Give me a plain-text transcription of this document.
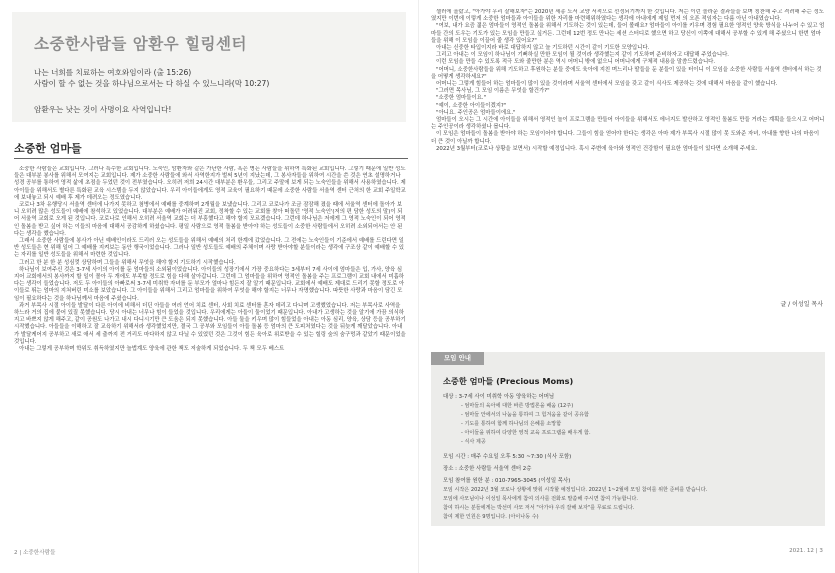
소중한사람들 암환우 힐링센터
나는 너희를 치료하는 여호와임이라 (출 15:26)
사람이 할 수 없는 것을 하나님으로서는 다 하실 수 있느니라(막 10:27)
암환우는 낫는 것이 사명이요 사역입니다!
소중한 엄마들

소중한 사람들은 교회입니다. 그러나 특수한 교회입니다. 노숙인, 암환자와 같은 가난한 사람, 혹은 병든 사람들을 위하여 특화된 교회입니다. 그렇기 때문에 일반 성도들은 대부분 봉사를 위해서 모여지는 교회입니다. 제가 소중한 사람들에 와서 사역한지가 벌써 5년이 지났는데, 그 봉사자들을 위하여 시간을 쓴 것은 연초 설명하거나 성경 공부를 통하여 영적 삶에 초점을 두었던 것이 전부였습니다. 오히려 저희 24시간 대부분은 환우들, 그리고 주말에 보게 되는 노숙인들을 위해서 사용하였습니다. 제 아이들을 위해서도 별다른 특화된 교육 시스템을 두지 않았습니다. 우리 아이들에게도 영적 교육이 필요하기 때문에 소중한 사람들 서울역 센터 근처의 한 교회 주일학교에 보내놓고 되시 예배 후 제가 데려오는 정도였습니다.

코로나 3차 유행당시 서울역 센터에 나가지 못하고 첨병에서 예배를 중계하며 2개월을 보냈습니다. 그리고 코로나가 조금 잠잠해 졌을 때에 서울역 센터에 돌아가 보니 오히려 많은 성도들이 예배에 참석하고 있었습니다. 대부분은 예배가 어려워진 교회, 정착할 수 있는 교회를 찾아 떠돌던 '영적 노숙인'(저의 편 담한 성도의 말)이 되어 서울역 교회로 오게 된 것입니다. 코로나로 인해서 오히려 서울역 교회는 더 부흥했다고 해야 할지 모르겠습니다. 그런데 하나님은 저에게 그 영적 노숙인이 되어 영적인 돌봄을 받고 싶어 하는 이들의 마음에 대해서 공감하게 하셨습니다. 평일 사람으로 영적 돌봄을 받아야 하는 성도들이 소중한 사람들에서 오히려 소외되어서는 안 된다는 생각을 했습니다.

그래서 소중한 사람들에 봉사가 아닌 예배인이라도 드리러 오는 성도들을 위해서 예배의 처리 한계에 갔었습니다. 그 전에는 노숙인들이 기준에서 예배를 드린다면 일반 성도들은 현 위해 일어 그 예배를 지켜보는 동안 행국이었습니다. 그러나 일반 성도들도 예배의 주체이며 사랑 받아야할 분들이라는 생각에 구조상 같이 예배할 수 있는 자리를 일반 성도들을 위해서 마련한 것입니다.

그러고 한 분 한 분 성심껏 상담하며 그들을 위해서 무엇을 해야 할지 기도하기 시작했습니다.

하나님이 보여주신 것은 3-7세 사이의 아이를 둔 엄마들의 소외됨이었습니다. 아이들의 성장기에서 가장 중요하다는 3세부터 7세 사이에 엄마들은 입, 가사, 양육 심지어 교회에서의 봉사까지 할 일이 몰아 두 개에도 부족할 정도로 힘을 다해 살아갑니다. 그런데 그 엄마들을 위하여 영적인 돌봄을 주는 프로그램이 교회 내에서 미흡하다는 생각이 들었습니다. 저도 두 아이들의 아빠로써 3-7세 미취학 자녀를 둔 부모가 얼마나 힘든지 잘 알기 때문입니다. 교회에서 예배도 제대로 드리기 못할 정도로 아이들로 뛰는 엄마의 지쳐버린 미소를 보았습니다. 그 아이들을 위해서 그리고 엄마들을 위하여 무엇을 해야 할지는 너무나 자명했습니다. 따뜻한 사랑과 마음이 담긴 모임이 필요하다는 것을 하나님께서 마음에 주셨습니다.

과거 부목사 시절 아이들 발달이 다른 아이에 비해서 더딘 아들을 여러 언어 치료 센터, 사회 치료 센터를 혼자 데리고 다니며 고생했었습니다. 저는 부목사로 사역을 하느라 거의 집에 붙어 있질 못했습니다. 당시 아내는 너무나 힘이 들었을 것입니다. 우리에게는 아들이 둘이었기 때문입니다. 아내가 고생하는 것을 알기에 가끔 의식하지고 바쁘지 않게 해주고, 같이 공원도 나가고 내시 다니시기만 큰 도움은 되지 못했습니다. 아들 둘을 키우며 많이 힘들었을 아내는 아동 심리, 양육, 상담 등을 공부하기 시작했습니다. 아들들을 이해하고 잘 교육하기 위해서라 생각했었지만, 결국 그 공부와 모임들이 아들 돌봄 등 엄마의 큰 도피처였다는 것을 뒤늦게 깨달았습니다. 아내가 발달케어지 공부하고 새로 애서 세 출까지 전 거리도 마다하지 않고 다닐 수 있었던 것은 그것이 힘든 육아로 위로받을 수 있는 힐링 숲의 숨구멍과 같았기 때문이었을 것입니다.

아내는 그렇게 공부하며 학위도 취득하였지만 늘법계도 양육에 관한 책도 저술하게 되었습니다. 두 책 모두 베스트

2 | 소중한사람들

셀러에 올랐고, "아가야 우리 잘해보자"는 2020년 세종 도서 교양 서적으로 선정되기까지 한 것입니다. 저는 이런 놀라운 결과들을 보며 칭찬해 주고 격려해 주는 정도였지만 이번에 이렇게 소중한 엄마들과 아이들을 위한 자리를 마련해위하였다는 생각에 아내에게 제일 먼저 의 오픈 적임자는 다름 아닌 아내였습니다.

"여보, 내가 요즘 젊은 엄마들이 영적인 돌봄을 위해서 기도하는 것이 있는데, 들어 볼래요? 엄마들이 아이를 키우며 경험 필요한 영적인 양육 방식을 나누어 수 있고 엄마들 간의 도우는 기도가 있는 모임을 만들고 싶거든. 그런데 12번 정도 만나는 세션 스터디로 했으면 하고 당신이 이쪽에 대해서 공부할 수 있게 해 주셨으니 한번 엄마들을 위해 이 모임을 이끌어 줄 생각 있어요?"

아내는 신중한 타입이지라 바로 대답하지 않고 늘 기도하던 시간이 같이 기도한 모양입니다.

그리고 아내는 이 모임이 하나님이 기뻐하실 만한 모임이 될 것이라 생각했는지 같이 기도하며 준비하자고 대답해 주었습니다.

이런 모임을 만들 수 있도록 적극 도와 줄만한 분은 역시 어머니 밖에 없으니 어머니에게 구체적 내용을 말씀드렸습니다.

"어머니, 소중한사람들을 위해 기도하고 후원하는 분들 중에도 육아에 지친 며느리나 딸들을 둔 분들이 있을 터이니 이 모임을 소중한 사람들 서울역 센터에서 하는 것을 어떻게 생각하세요?"

어머니는 그렇게 힘들어 하는 엄마들이 많이 있을 것이라며 서울역 센터에서 모임을 갖고 같이 식사도 제공하는 것에 대해서 마음을 같이 했습니다.

"그러면 목사님, 그 모임 이름은 무엇을 할건가?"

"소중한 엄마들이요."

"예이, 소중한 아이들이겠지?"

"아니요. 주인공은 엄마들이에요."

엄마들이 오시는 그 시간에 아이들을 위해서 영적인 놀이 프로그램을 만들어 아이들을 위해서도 에너지도 발산하고 영적인 돌봄도 만들 거라는 계획을 들으시고 어머니는 주인공이라 생각하셨나 봅니다.

이 모임은 엄마들이 돌봄을 받아야 하는 모임이어야 합니다. 그들이 힘을 얻어야 한다는 생각은 아마 제가 부목사 시절 많이 못 도와준 자녀, 아내를 향한 나의 마음이 더 큰 것이 아닐까 합니다.

2022년 3월부터(코로나 상황을 보면서) 시작할 예정입니다. 혹시 주변에 육아와 영적인 건강함이 필요한 엄마들이 있다면 소개해 주세요.

글 / 이성일 목사
모임 안내
소중한 엄마들 (Precious Moms)
대상 : 3-7세 사이 미취학 아동 양육하는 어머님
- 엄마들의 육아에 대한 바른 방법론을 배움 (12주)
- 엄마들 안에서의 나눔을 통하여 그 힘겨움을 같이 공유함
- 기도를 통하여 함께 하나님의 은혜를 소망함
- 아이들을 위하여 다양한 영적 교육 프로그램을 배우게 함.
- 식사 제공
모임 시간 : 매주 수요일 오후 5:30 ~7:30 (식사 포함)
장소 : 소중한 사람들 서울역 센터 2층
모임 참여를 원한 분 : 010-7965-3045 (이성일 목사)
모임 시작은 2022년 3월 코로나 상황에 맞춰 시작할 예정입니다. 2022년 1~2월에 모임 참여를 위한 준비를 받습니다.
모임에 사모님이나 이성일 목사에게 참여 의사를 전화로 말씀해 주시면 참여 가능합니다.
참여 하시는 분들에게는 박선미 사모 저서 "아가야 우리 잘해 보자"를 무료로 드립니다.
참여 제한 인원은 9명입니다. (아이나동 수)
2021. 12 | 3
